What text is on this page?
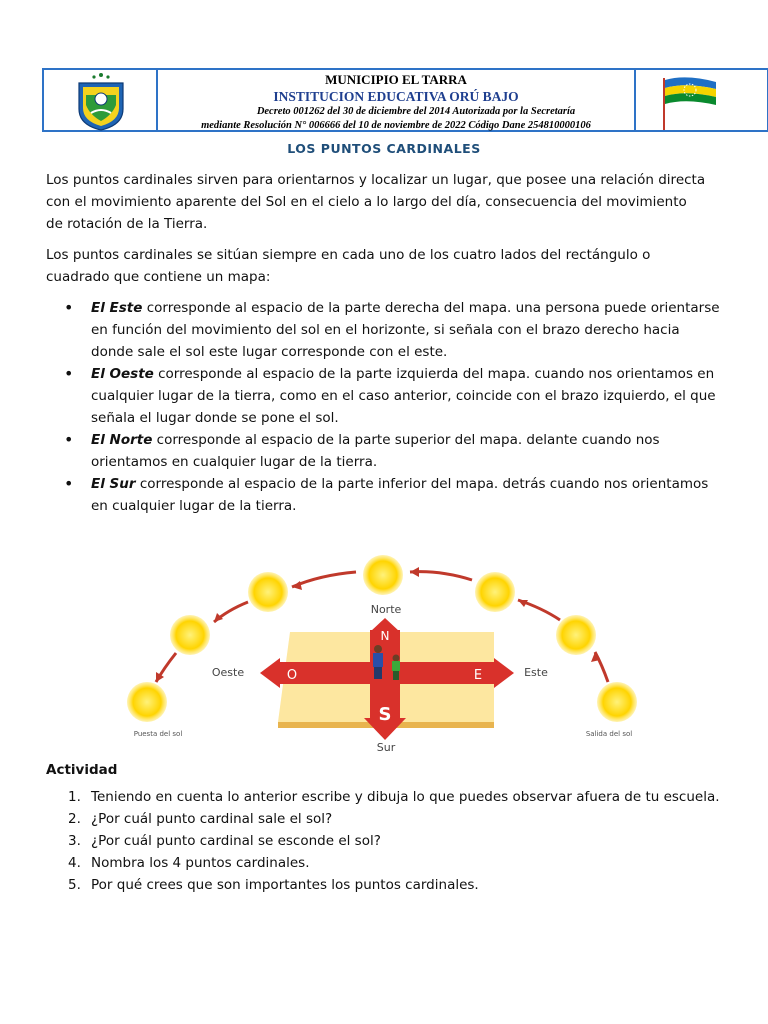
MUNICIPIO EL TARRA
INSTITUCION EDUCATIVA ORÚ BAJO
Decreto 001262 del 30 de diciembre del 2014 Autorizada por la Secretaría
mediante Resolución N° 006666 del 10 de noviembre de 2022 Código Dane 254810000106
LOS PUNTOS CARDINALES
Los puntos cardinales sirven para orientarnos y localizar un lugar, que posee una relación directa con el movimiento aparente del Sol en el cielo a lo largo del día, consecuencia del movimiento de rotación de la Tierra.
Los puntos cardinales se sitúan siempre en cada uno de los cuatro lados del rectángulo o cuadrado que contiene un mapa:
• El Este corresponde al espacio de la parte derecha del mapa. una persona puede orientarse en función del movimiento del sol en el horizonte, si señala con el brazo derecho hacia donde sale el sol este lugar corresponde con el este.
• El Oeste corresponde al espacio de la parte izquierda del mapa. cuando nos orientamos en cualquier lugar de la tierra, como en el caso anterior, coincide con el brazo izquierdo, el que señala el lugar donde se pone el sol.
• El Norte corresponde al espacio de la parte superior del mapa. delante cuando nos orientamos en cualquier lugar de la tierra.
• El Sur corresponde al espacio de la parte inferior del mapa. detrás cuando nos orientamos en cualquier lugar de la tierra.
N
S
O	E
Norte
Sur
Oeste	Este
Puesta del sol	Salida del sol
Actividad
1. Teniendo en cuenta lo anterior escribe y dibuja lo que puedes observar afuera de tu escuela.
2. ¿Por cuál punto cardinal sale el sol?
3. ¿Por cuál punto cardinal se esconde el sol?
4. Nombra los 4 puntos cardinales.
5. Por qué crees que son importantes los puntos cardinales.
